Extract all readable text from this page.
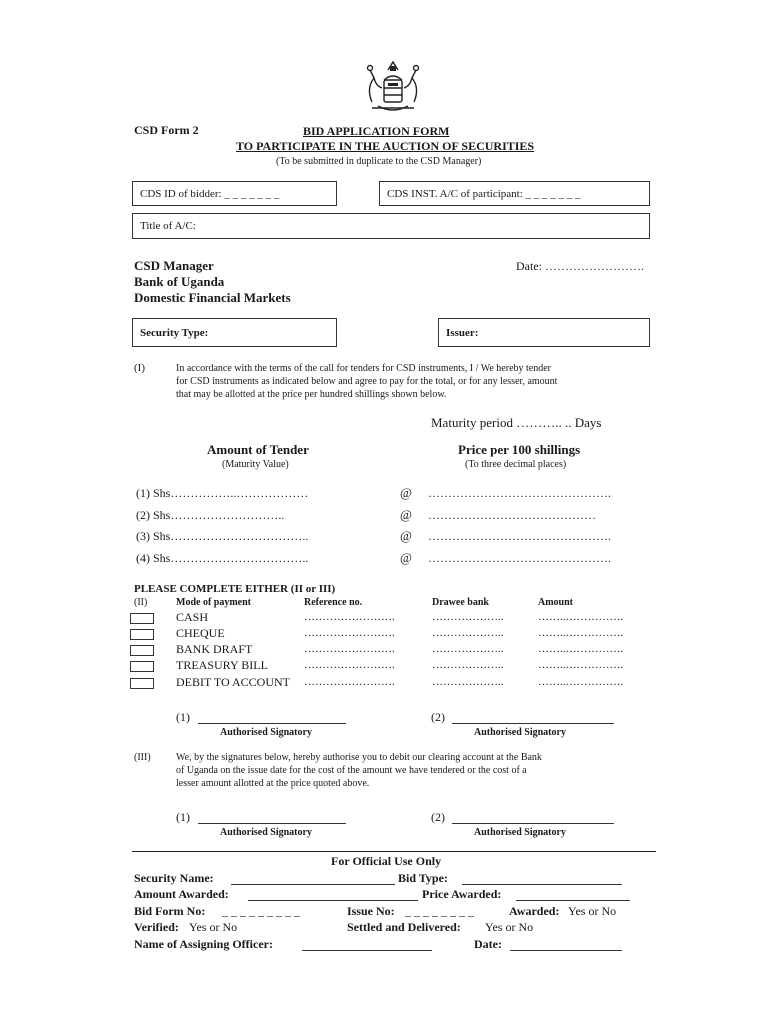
CSD Form 2	BID APPLICATION FORM
TO PARTICIPATE IN THE AUCTION OF SECURITIES
(To be submitted in duplicate to the CSD Manager)
CDS ID of bidder: _ _ _ _ _ _ _	CDS INST. A/C of participant: _ _ _ _ _ _ _
Title of A/C:
CSD Manager
Bank of Uganda
Domestic Financial Markets
Date: …………………….
Security Type:	Issuer:
(I)	In accordance with the terms of the call for tenders for CSD instruments, I / We hereby tender
for CSD instruments as indicated below and agree to pay for the total, or for any lesser, amount
that may be allotted at the price per hundred shillings shown below.
Maturity period ……….. .. Days
Amount of Tender
(Maturity Value)
Price per 100 shillings
(To three decimal places)
(1) Shs……………..………………	@ ……………………………………….
(2) Shs………………………..	@ ……………………………………
(3) Shs……………………………..	@ ……………………………………….
(4) Shs……………………………..	@ ……………………………………….
PLEASE COMPLETE EITHER (II or III)
(II)	Mode of payment	Reference no.	Drawee bank	Amount
CASH	…………………….	………………..	……..…………….
CHEQUE	…………………….	………………..	……..…………….
BANK DRAFT	…………………….	………………..	……..…………….
TREASURY BILL	…………………….	………………..	……..…………….
DEBIT TO ACCOUNT …………………….	………………..	……..…………….
(1)
Authorised Signatory
(2)
Authorised Signatory
(III)	We, by the signatures below, hereby authorise you to debit our clearing account at the Bank
of Uganda on the issue date for the cost of the amount we have tendered or the cost of a
lesser amount allotted at the price quoted above.
(1)
Authorised Signatory
(2)
Authorised Signatory
For Official Use Only
Security Name:	Bid Type:
Amount Awarded:	Price Awarded:
Bid Form No: _ _ _ _ _ _ _ _ _	Issue No: _ _ _ _ _ _ _ _	Awarded: Yes or No
Verified: Yes or No	Settled and Delivered: Yes or No
Name of Assigning Officer:	Date:
